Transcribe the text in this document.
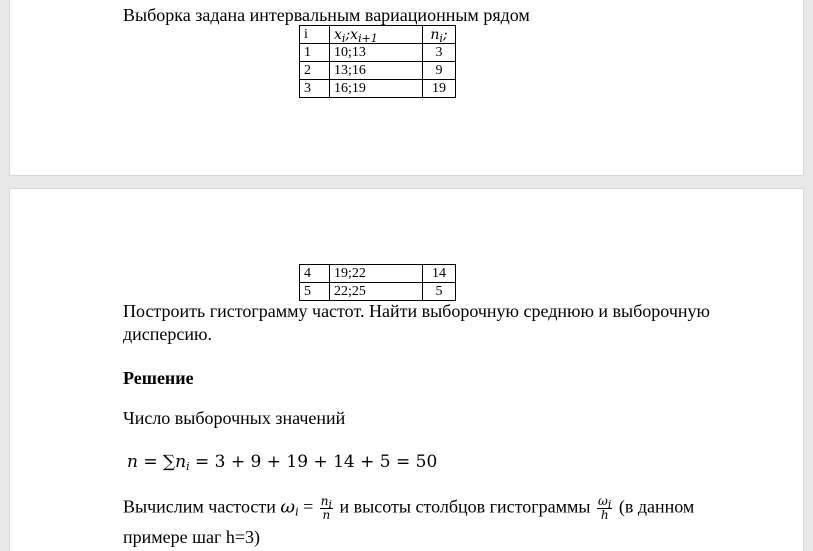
Выборка задана интервальным вариационным рядом
i	$x_i;x_{i+1}$	$n_i$;
1	10;13	3
2	13;16	9
3	16;19	19
4	19;22	14
5	22;25	5
Построить гистограмму частот. Найти выборочную среднюю и выборочную
дисперсию.
Решение
Число выборочных значений
$n = \sum n_i = 3 + 9 + 19 + 14 + 5 = 50$
Вычислим частости $\omega_i = \frac{n_i}{n}$ и высоты столбцов гистограммы $\frac{\omega_i}{h} (в$ данном
примере шаг h=3)
